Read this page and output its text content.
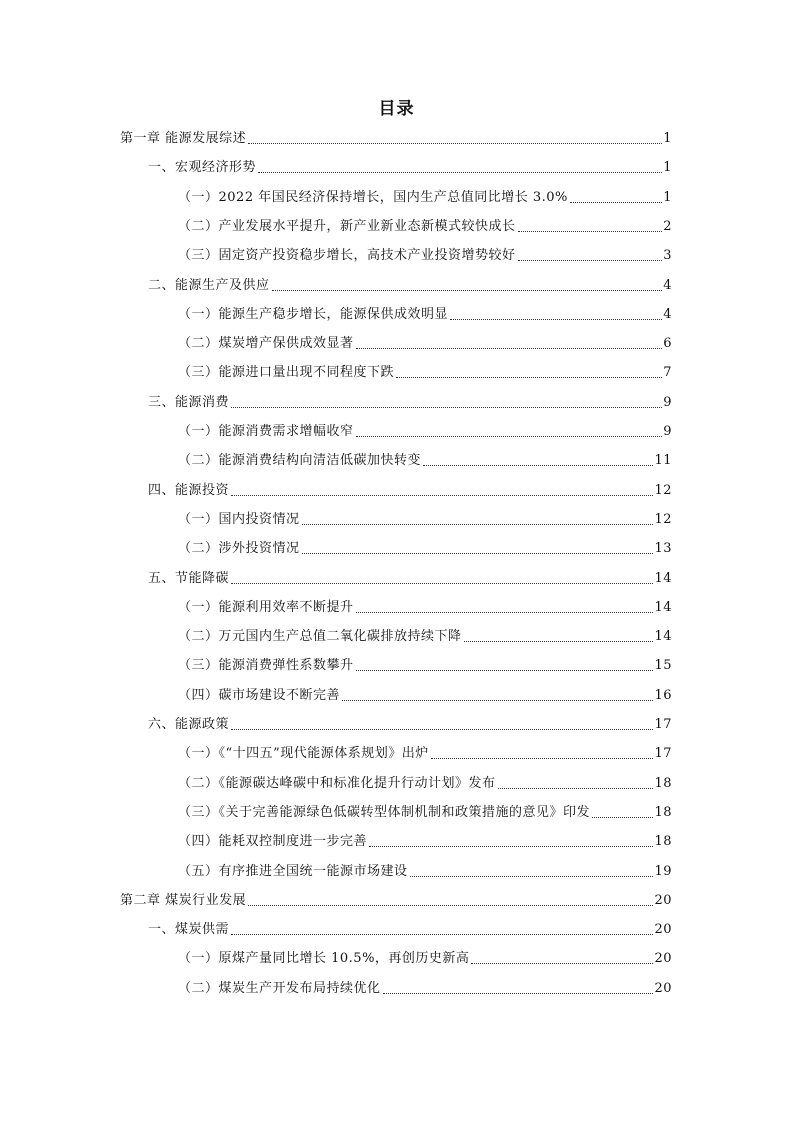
目录
第一章 能源发展综述	1
一、宏观经济形势	1
（一）2022 年国民经济保持增长，国内生产总值同比增长 3.0%	1
（二）产业发展水平提升，新产业新业态新模式较快成长	2
（三）固定资产投资稳步增长，高技术产业投资增势较好	3
二、能源生产及供应	4
（一）能源生产稳步增长，能源保供成效明显	4
（二）煤炭增产保供成效显著	6
（三）能源进口量出现不同程度下跌	7
三、能源消费	9
（一）能源消费需求增幅收窄	9
（二）能源消费结构向清洁低碳加快转变	11
四、能源投资	12
（一）国内投资情况	12
（二）涉外投资情况	13
五、节能降碳	14
（一）能源利用效率不断提升	14
（二）万元国内生产总值二氧化碳排放持续下降	14
（三）能源消费弹性系数攀升	15
（四）碳市场建设不断完善	16
六、能源政策	17
（一）《“十四五”现代能源体系规划》出炉	17
（二）《能源碳达峰碳中和标准化提升行动计划》发布	18
（三）《关于完善能源绿色低碳转型体制机制和政策措施的意见》印发	18
（四）能耗双控制度进一步完善	18
（五）有序推进全国统一能源市场建设	19
第二章 煤炭行业发展	20
一、煤炭供需	20
（一）原煤产量同比增长 10.5%，再创历史新高	20
（二）煤炭生产开发布局持续优化	20
